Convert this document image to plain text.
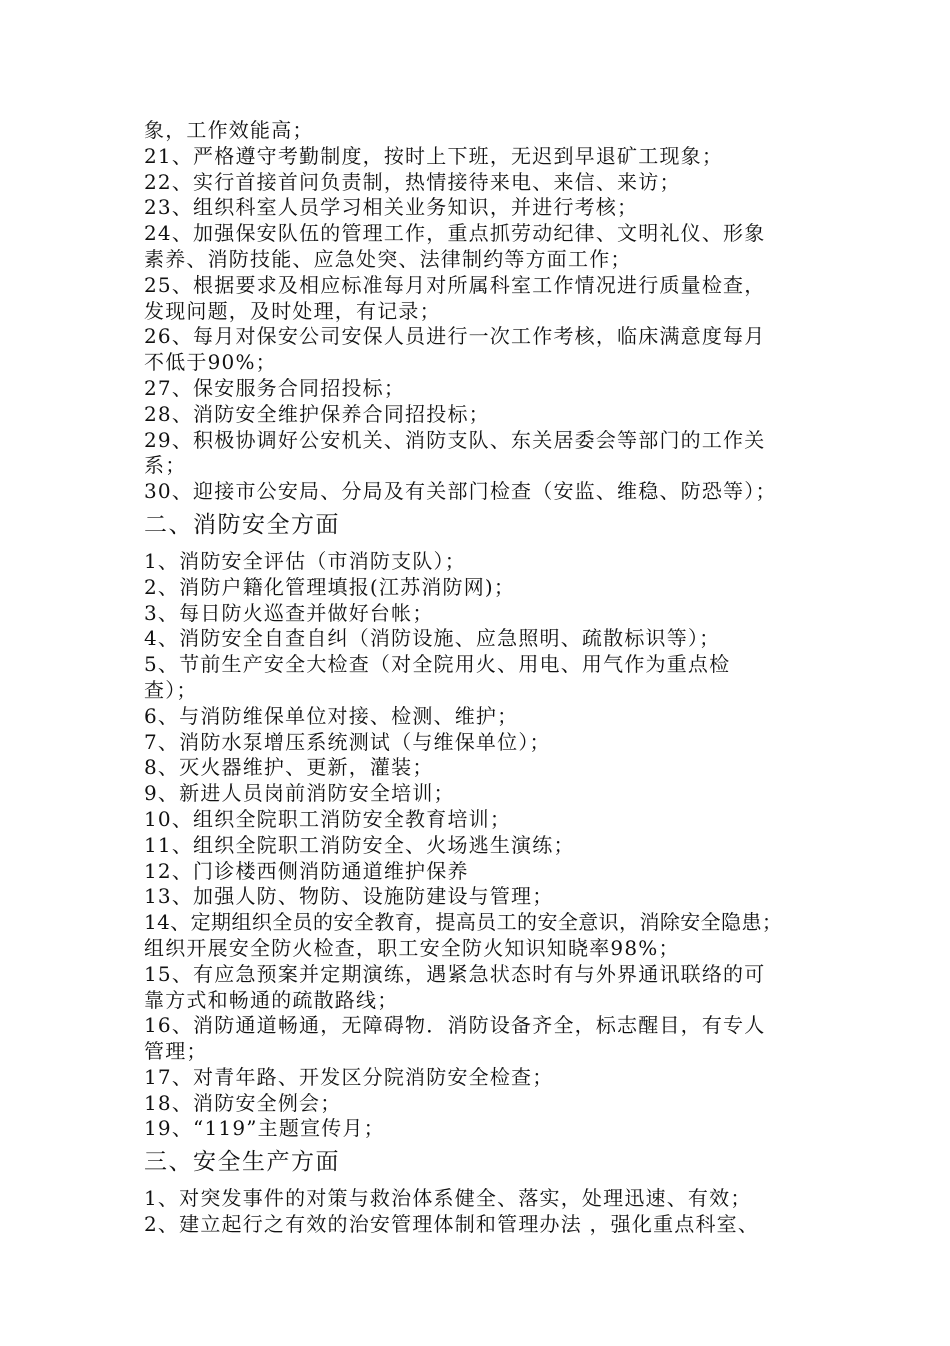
象，工作效能高；
21、严格遵守考勤制度，按时上下班，无迟到早退矿工现象；
22、实行首接首问负责制，热情接待来电、来信、来访；
23、组织科室人员学习相关业务知识，并进行考核；
24、加强保安队伍的管理工作，重点抓劳动纪律、文明礼仪、形象
素养、消防技能、应急处突、法律制约等方面工作；
25、根据要求及相应标准每月对所属科室工作情况进行质量检查，
发现问题，及时处理，有记录；
26、每月对保安公司安保人员进行一次工作考核，临床满意度每月
不低于90%；
27、保安服务合同招投标；
28、消防安全维护保养合同招投标；
29、积极协调好公安机关、消防支队、东关居委会等部门的工作关
系；
30、迎接市公安局、分局及有关部门检查（安监、维稳、防恐等）；
二、消防安全方面
1、消防安全评估（市消防支队）；
2、消防户籍化管理填报(江苏消防网)；
3、每日防火巡查并做好台帐；
4、消防安全自查自纠（消防设施、应急照明、疏散标识等）；
5、节前生产安全大检查（对全院用火、用电、用气作为重点检
查）；
6、与消防维保单位对接、检测、维护；
7、消防水泵增压系统测试（与维保单位）；
8、灭火器维护、更新，灌装；
9、新进人员岗前消防安全培训；
10、组织全院职工消防安全教育培训；
11、组织全院职工消防安全、火场逃生演练；
12、门诊楼西侧消防通道维护保养
13、加强人防、物防、设施防建设与管理；
14、定期组织全员的安全教育，提高员工的安全意识，消除安全隐患；
组织开展安全防火检查，职工安全防火知识知晓率98%；
15、有应急预案并定期演练，遇紧急状态时有与外界通讯联络的可
靠方式和畅通的疏散路线；
16、消防通道畅通，无障碍物．消防设备齐全，标志醒目，有专人
管理；
17、对青年路、开发区分院消防安全检查；
18、消防安全例会；
19、“119”主题宣传月；
三、安全生产方面
1、对突发事件的对策与救治体系健全、落实，处理迅速、有效；
2、建立起行之有效的治安管理体制和管理办法 ，强化重点科室、
